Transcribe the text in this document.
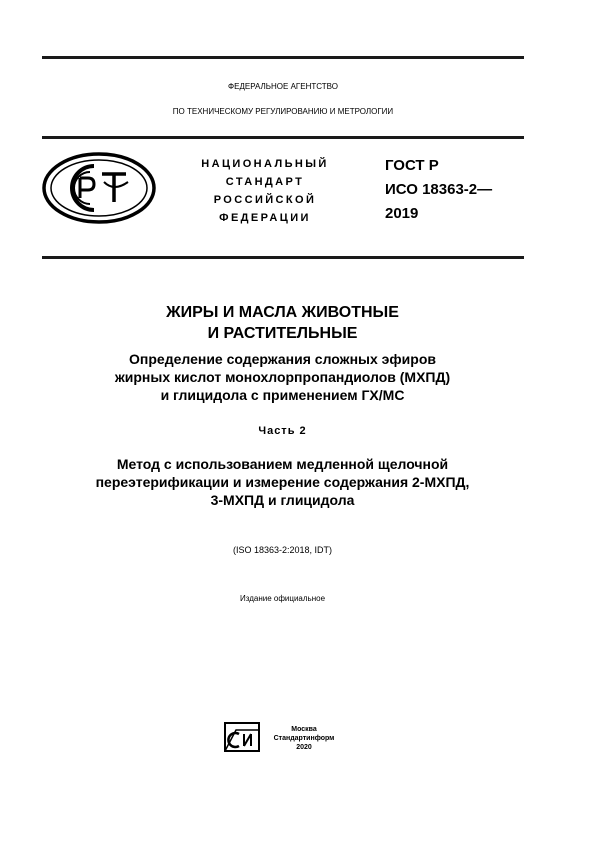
ФЕДЕРАЛЬНОЕ АГЕНТСТВО
ПО ТЕХНИЧЕСКОМУ РЕГУЛИРОВАНИЮ И МЕТРОЛОГИИ
НАЦИОНАЛЬНЫЙ
СТАНДАРТ
РОССИЙСКОЙ
ФЕДЕРАЦИИ
ГОСТ Р
ИСО 18363-2—
2019
ЖИРЫ И МАСЛА ЖИВОТНЫЕ
И РАСТИТЕЛЬНЫЕ
Определение содержания сложных эфиров
жирных кислот монохлорпропандиолов (МХПД)
и глицидола с применением ГХ/МС
Часть 2
Метод с использованием медленной щелочной
переэтерификации и измерение содержания 2-МХПД,
3-МХПД и глицидола
(ISO 18363-2:2018, IDT)
Издание официальное
Москва
Стандартинформ
2020
